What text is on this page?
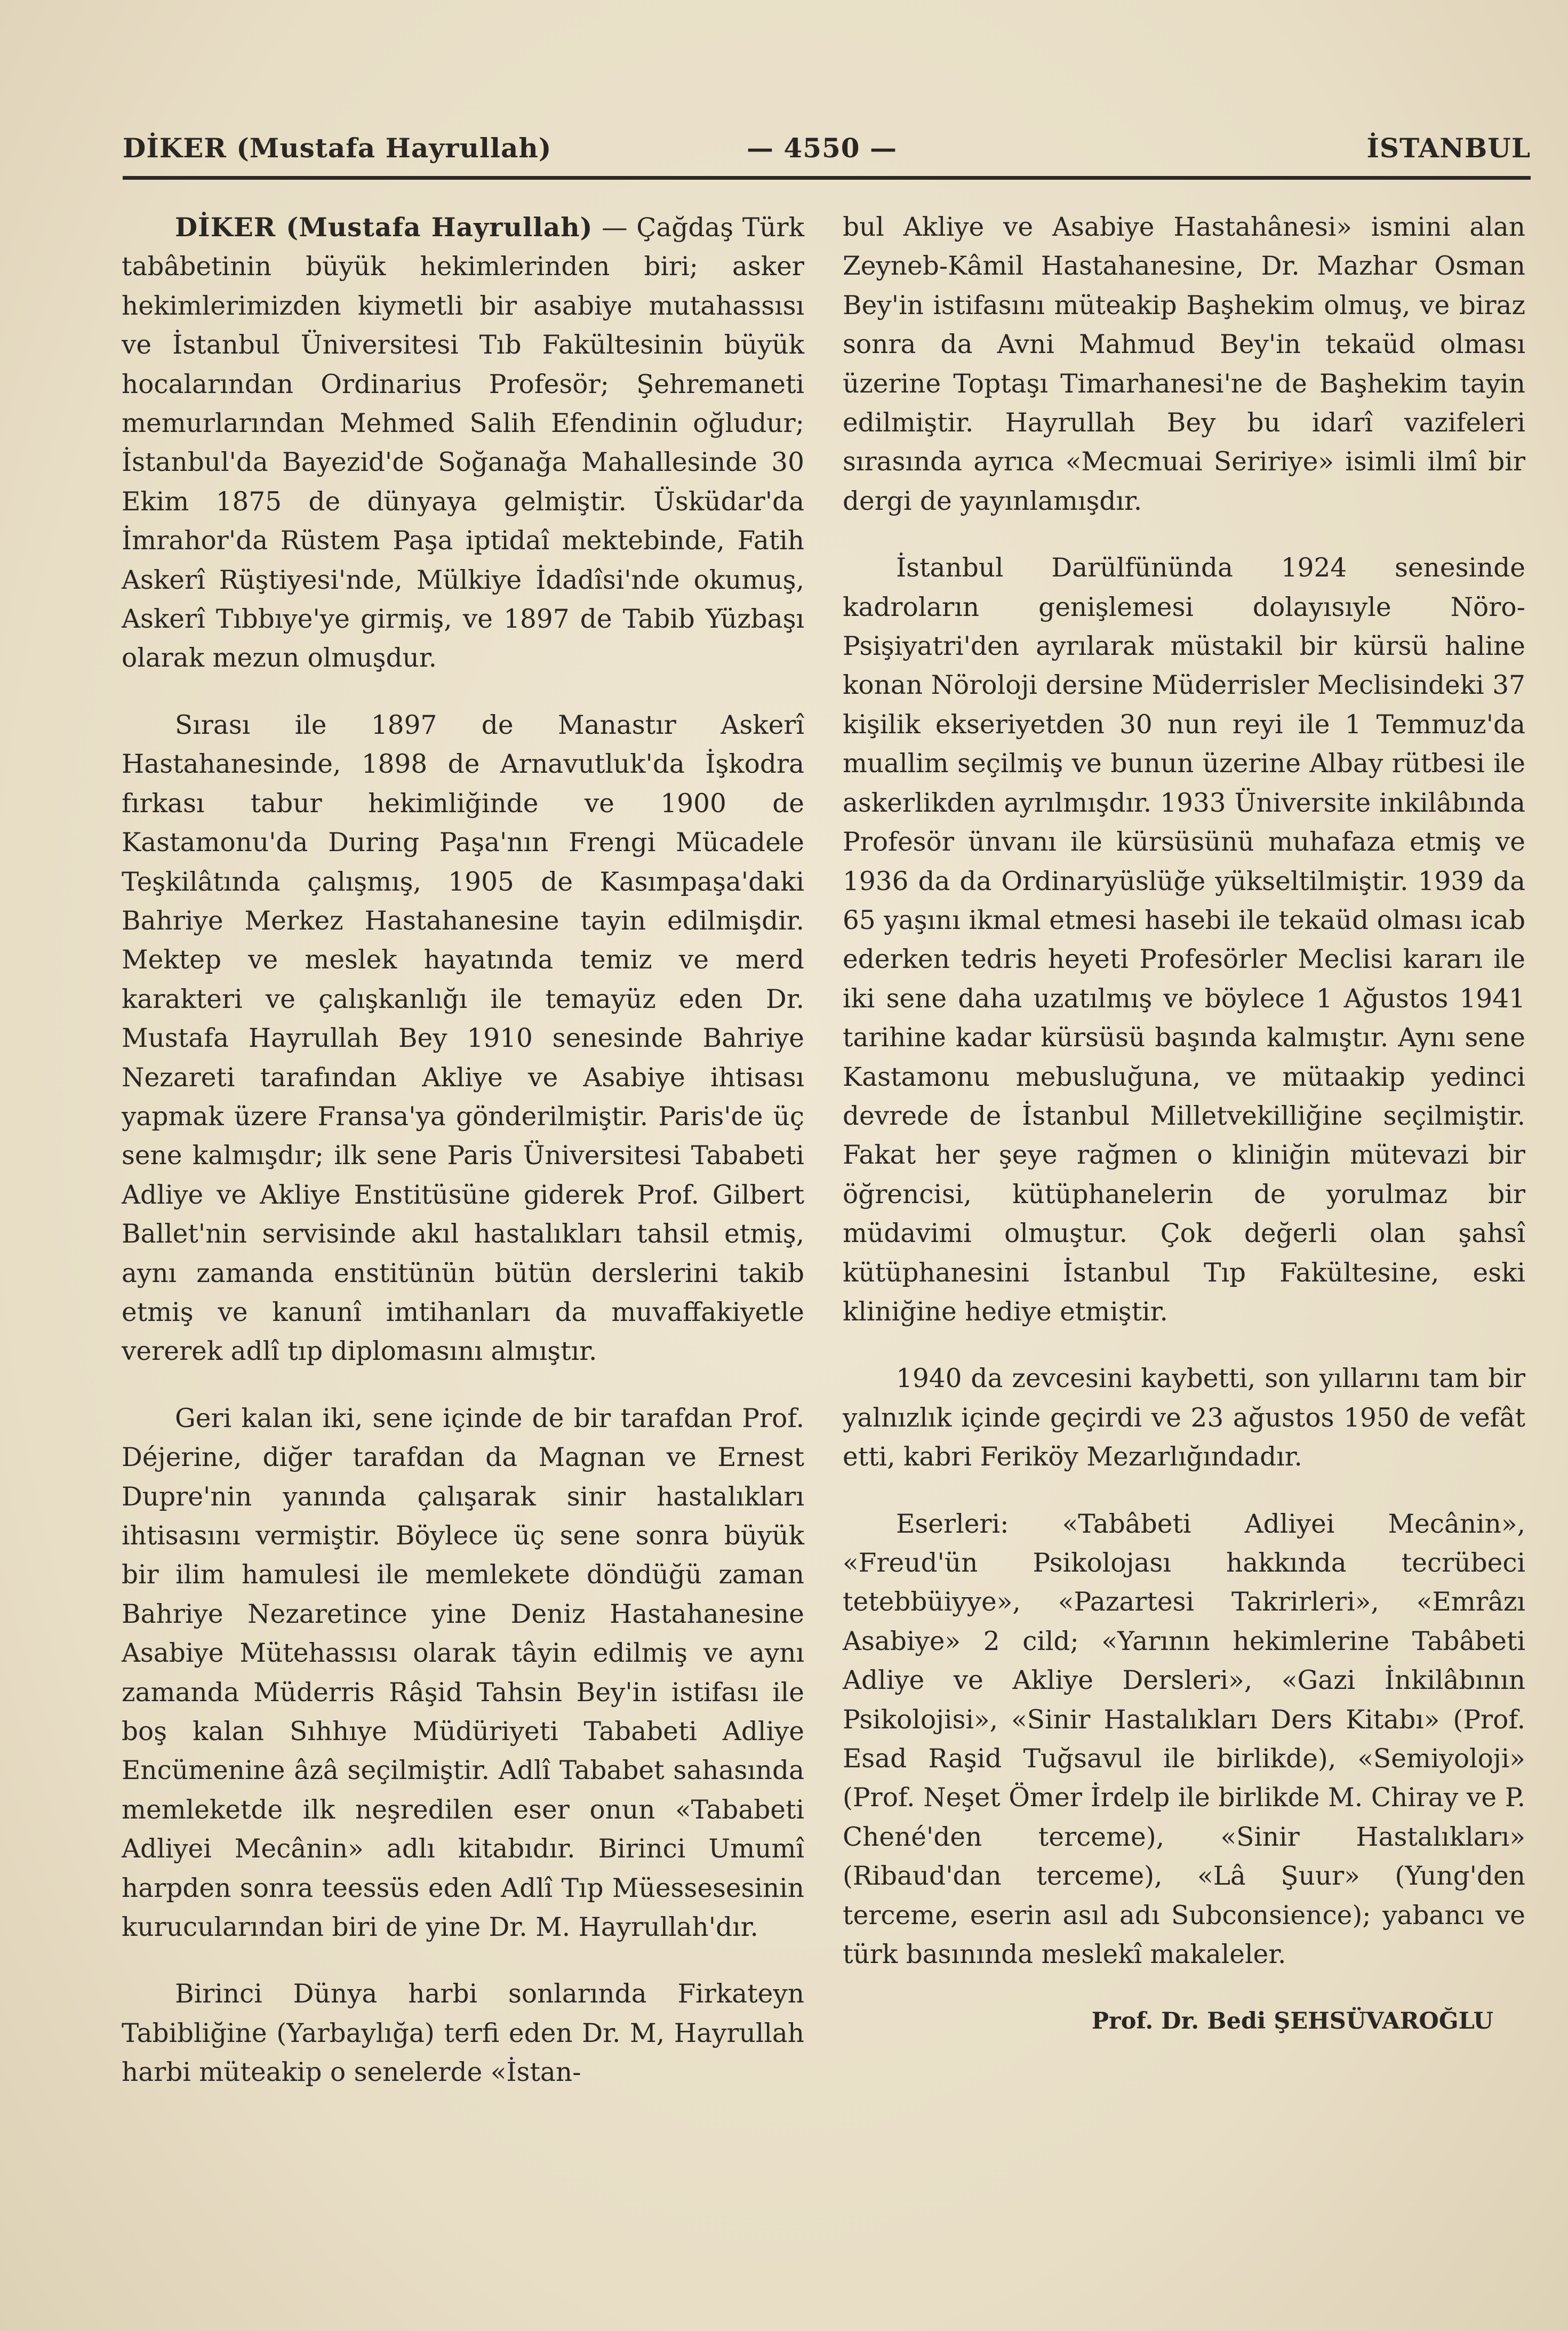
DİKER (Mustafa Hayrullah)	— 4550 —	İSTANBUL

DİKER (Mustafa Hayrullah) — Çağdaş Türk tabâbetinin büyük hekimlerinden biri; asker hekimlerimizden kiymetli bir asabiye mutahassısı ve İstanbul Üniversitesi Tıb Fakültesinin büyük hocalarından Ordinarius Profesör; Şehremaneti memurlarından Mehmed Salih Efendinin oğludur; İstanbul'da Bayezid'de Soğanağa Mahallesinde 30 Ekim 1875 de dünyaya gelmiştir. Üsküdar'da İmrahor'da Rüstem Paşa iptidaî mektebinde, Fatih Askerî Rüştiyesi'nde, Mülkiye İdadîsi'nde okumuş, Askerî Tıbbıye'ye girmiş, ve 1897 de Tabib Yüzbaşı olarak mezun olmuşdur.

Sırası ile 1897 de Manastır Askerî Hastahanesinde, 1898 de Arnavutluk'da İşkodra fırkası tabur hekimliğinde ve 1900 de Kastamonu'da During Paşa'nın Frengi Mücadele Teşkilâtında çalışmış, 1905 de Kasımpaşa'daki Bahriye Merkez Hastahanesine tayin edilmişdir. Mektep ve meslek hayatında temiz ve merd karakteri ve çalışkanlığı ile temayüz eden Dr. Mustafa Hayrullah Bey 1910 senesinde Bahriye Nezareti tarafından Akliye ve Asabiye ihtisası yapmak üzere Fransa'ya gönderilmiştir. Paris'de üç sene kalmışdır; ilk sene Paris Üniversitesi Tababeti Adliye ve Akliye Enstitüsüne giderek Prof. Gilbert Ballet'nin servisinde akıl hastalıkları tahsil etmiş, aynı zamanda enstitünün bütün derslerini takib etmiş ve kanunî imtihanları da muvaffakiyetle vererek adlî tıp diplomasını almıştır.

Geri kalan iki, sene içinde de bir tarafdan Prof. Déjerine, diğer tarafdan da Magnan ve Ernest Dupre'nin yanında çalışarak sinir hastalıkları ihtisasını vermiştir. Böylece üç sene sonra büyük bir ilim hamulesi ile memlekete döndüğü zaman Bahriye Nezaretince yine Deniz Hastahanesine Asabiye Mütehassısı olarak tâyin edilmiş ve aynı zamanda Müderris Râşid Tahsin Bey'in istifası ile boş kalan Sıhhıye Müdüriyeti Tababeti Adliye Encümenine âzâ seçilmiştir. Adlî Tababet sahasında memleketde ilk neşredilen eser onun «Tababeti Adliyei Mecânin» adlı kitabıdır. Birinci Umumî harpden sonra teessüs eden Adlî Tıp Müessesesinin kurucularından biri de yine Dr. M. Hayrullah'dır.

Birinci Dünya harbi sonlarında Firkateyn Tabibliğine (Yarbaylığa) terfi eden Dr. M, Hayrullah harbi müteakip o senelerde «İstan-

bul Akliye ve Asabiye Hastahânesi» ismini alan Zeyneb-Kâmil Hastahanesine, Dr. Mazhar Osman Bey'in istifasını müteakip Başhekim olmuş, ve biraz sonra da Avni Mahmud Bey'in tekaüd olması üzerine Toptaşı Timarhanesi'ne de Başhekim tayin edilmiştir. Hayrullah Bey bu idarî vazifeleri sırasında ayrıca «Mecmuai Seririye» isimli ilmî bir dergi de yayınlamışdır.

İstanbul Darülfününda 1924 senesinde kadroların genişlemesi dolayısıyle Nöro-Psişiyatri'den ayrılarak müstakil bir kürsü haline konan Nöroloji dersine Müderrisler Meclisindeki 37 kişilik ekseriyetden 30 nun reyi ile 1 Temmuz'da muallim seçilmiş ve bunun üzerine Albay rütbesi ile askerlikden ayrılmışdır. 1933 Üniversite inkilâbında Profesör ünvanı ile kürsüsünü muhafaza etmiş ve 1936 da da Ordinaryüslüğe yükseltilmiştir. 1939 da 65 yaşını ikmal etmesi hasebi ile tekaüd olması icab ederken tedris heyeti Profesörler Meclisi kararı ile iki sene daha uzatılmış ve böylece 1 Ağustos 1941 tarihine kadar kürsüsü başında kalmıştır. Aynı sene Kastamonu mebusluğuna, ve mütaakip yedinci devrede de İstanbul Milletvekilliğine seçilmiştir. Fakat her şeye rağmen o kliniğin mütevazi bir öğrencisi, kütüphanelerin de yorulmaz bir müdavimi olmuştur. Çok değerli olan şahsî kütüphanesini İstanbul Tıp Fakültesine, eski kliniğine hediye etmiştir.

1940 da zevcesini kaybetti, son yıllarını tam bir yalnızlık içinde geçirdi ve 23 ağustos 1950 de vefât etti, kabri Feriköy Mezarlığındadır.

Eserleri: «Tabâbeti Adliyei Mecânin», «Freud'ün Psikolojası hakkında tecrübeci tetebbüiyye», «Pazartesi Takrirleri», «Emrâzı Asabiye» 2 cild; «Yarının hekimlerine Tabâbeti Adliye ve Akliye Dersleri», «Gazi İnkilâbının Psikolojisi», «Sinir Hastalıkları Ders Kitabı» (Prof. Esad Raşid Tuğsavul ile birlikde), «Semiyoloji» (Prof. Neşet Ömer İrdelp ile birlikde M. Chiray ve P. Chené'den terceme), «Sinir Hastalıkları» (Ribaud'dan terceme), «Lâ Şuur» (Yung'den terceme, eserin asıl adı Subconsience); yabancı ve türk basınında meslekî makaleler.

Prof. Dr. Bedi ŞEHSÜVAROĞLU
